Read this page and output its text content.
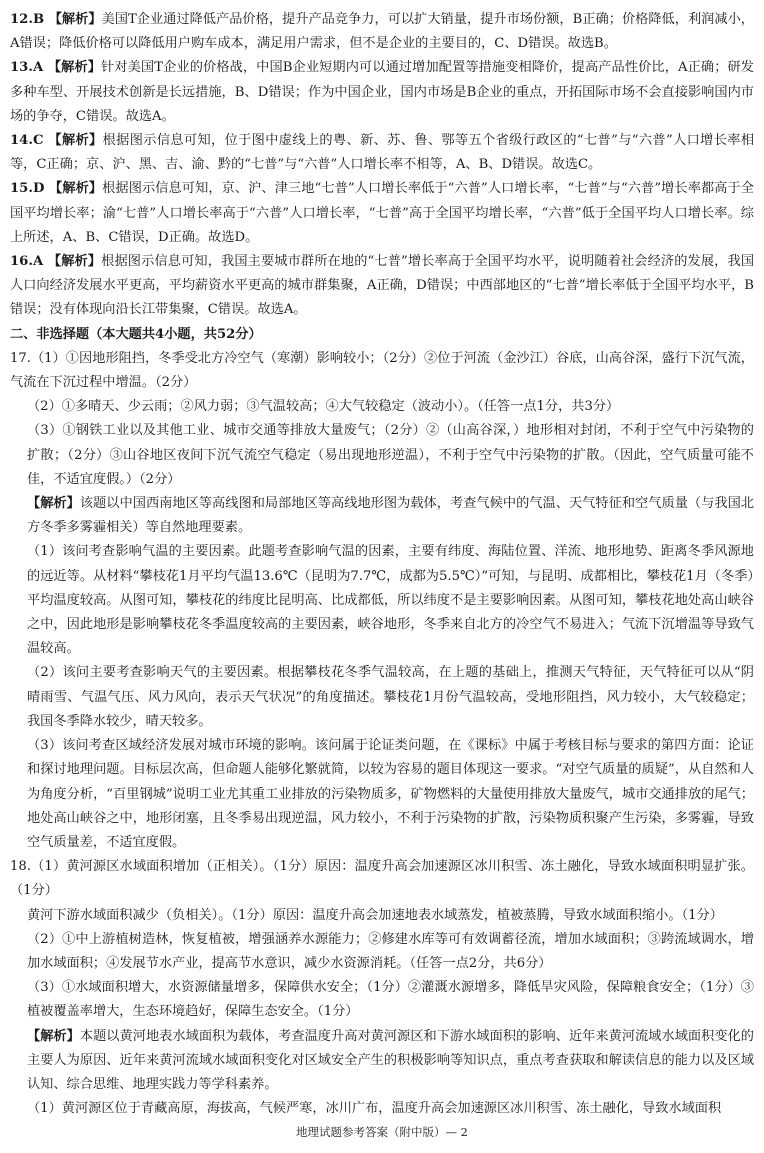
12.B 【解析】美国T企业通过降低产品价格，提升产品竞争力，可以扩大销量，提升市场份额，B正确；价格降低，利润减小，A错误；降低价格可以降低用户购车成本，满足用户需求，但不是企业的主要目的，C、D错误。故选B。

13.A 【解析】针对美国T企业的价格战，中国B企业短期内可以通过增加配置等措施变相降价，提高产品性价比，A正确；研发多种车型、开展技术创新是长远措施，B、D错误；作为中国企业，国内市场是B企业的重点，开拓国际市场不会直接影响国内市场的争夺，C错误。故选A。

14.C 【解析】根据图示信息可知，位于图中虚线上的粤、新、苏、鲁、鄂等五个省级行政区的“七普”与“六普”人口增长率相等，C正确；京、沪、黑、吉、渝、黔的“七普”与“六普”人口增长率不相等，A、B、D错误。故选C。

15.D 【解析】根据图示信息可知，京、沪、津三地“七普”人口增长率低于“六普”人口增长率，“七普”与“六普”增长率都高于全国平均增长率；渝“七普”人口增长率高于“六普”人口增长率，“七普”高于全国平均增长率，“六普”低于全国平均人口增长率。综上所述，A、B、C错误，D正确。故选D。

16.A 【解析】根据图示信息可知，我国主要城市群所在地的“七普”增长率高于全国平均水平，说明随着社会经济的发展，我国人口向经济发展水平更高，平均薪资水平更高的城市群集聚，A正确，D错误；中西部地区的“七普”增长率低于全国平均水平，B错误；没有体现向沿长江带集聚，C错误。故选A。

二、非选择题（本大题共4小题，共52分）

17.（1）①因地形阻挡，冬季受北方冷空气（寒潮）影响较小；（2分）②位于河流（金沙江）谷底，山高谷深，盛行下沉气流，气流在下沉过程中增温。（2分）

（2）①多晴天、少云雨；②风力弱；③气温较高；④大气较稳定（波动小）。（任答一点1分，共3分）

（3）①钢铁工业以及其他工业、城市交通等排放大量废气；（2分）②（山高谷深，）地形相对封闭，不利于空气中污染物的扩散；（2分）③山谷地区夜间下沉气流空气稳定（易出现地形逆温），不利于空气中污染物的扩散。（因此，空气质量可能不佳，不适宜度假。）（2分）

【解析】该题以中国西南地区等高线图和局部地区等高线地形图为载体，考查气候中的气温、天气特征和空气质量（与我国北方冬季多雾霾相关）等自然地理要素。

（1）该问考查影响气温的主要因素。此题考查影响气温的因素，主要有纬度、海陆位置、洋流、地形地势、距离冬季风源地的远近等。从材料“攀枝花1月平均气温13.6℃（昆明为7.7℃，成都为5.5℃）”可知，与昆明、成都相比，攀枝花1月（冬季）平均温度较高。从图可知，攀枝花的纬度比昆明高、比成都低，所以纬度不是主要影响因素。从图可知，攀枝花地处高山峡谷之中，因此地形是影响攀枝花冬季温度较高的主要因素，峡谷地形，冬季来自北方的冷空气不易进入；气流下沉增温等导致气温较高。

（2）该问主要考查影响天气的主要因素。根据攀枝花冬季气温较高，在上题的基础上，推测天气特征，天气特征可以从“阴晴雨雪、气温气压、风力风向，表示天气状况”的角度描述。攀枝花1月份气温较高，受地形阻挡，风力较小，大气较稳定；我国冬季降水较少，晴天较多。

（3）该问考查区域经济发展对城市环境的影响。该问属于论证类问题，在《课标》中属于考核目标与要求的第四方面：论证和探讨地理问题。目标层次高，但命题人能够化繁就简，以较为容易的题目体现这一要求。“对空气质量的质疑”，从自然和人为角度分析，“百里钢城”说明工业尤其重工业排放的污染物质多，矿物燃料的大量使用排放大量废气，城市交通排放的尾气；地处高山峡谷之中，地形闭塞，且冬季易出现逆温，风力较小，不利于污染物的扩散，污染物质积聚产生污染，多雾霾，导致空气质量差，不适宜度假。

18.（1）黄河源区水域面积增加（正相关）。（1分）原因：温度升高会加速源区冰川积雪、冻土融化，导致水域面积明显扩张。（1分）

黄河下游水域面积减少（负相关）。（1分）原因：温度升高会加速地表水域蒸发，植被蒸腾，导致水域面积缩小。（1分）

（2）①中上游植树造林，恢复植被，增强涵养水源能力；②修建水库等可有效调蓄径流，增加水域面积；③跨流域调水，增加水域面积；④发展节水产业，提高节水意识，减少水资源消耗。（任答一点2分，共6分）

（3）①水域面积增大，水资源储量增多，保障供水安全；（1分）②灌溉水源增多，降低旱灾风险，保障粮食安全；（1分）③植被覆盖率增大，生态环境趋好，保障生态安全。（1分）

【解析】本题以黄河地表水域面积为载体，考查温度升高对黄河源区和下游水域面积的影响、近年来黄河流域水域面积变化的主要人为原因、近年来黄河流域水域面积变化对区域安全产生的积极影响等知识点，重点考查获取和解读信息的能力以及区域认知、综合思维、地理实践力等学科素养。

（1）黄河源区位于青藏高原，海拔高，气候严寒，冰川广布，温度升高会加速源区冰川积雪、冻土融化，导致水域面积

地理试题参考答案（附中版）— 2
